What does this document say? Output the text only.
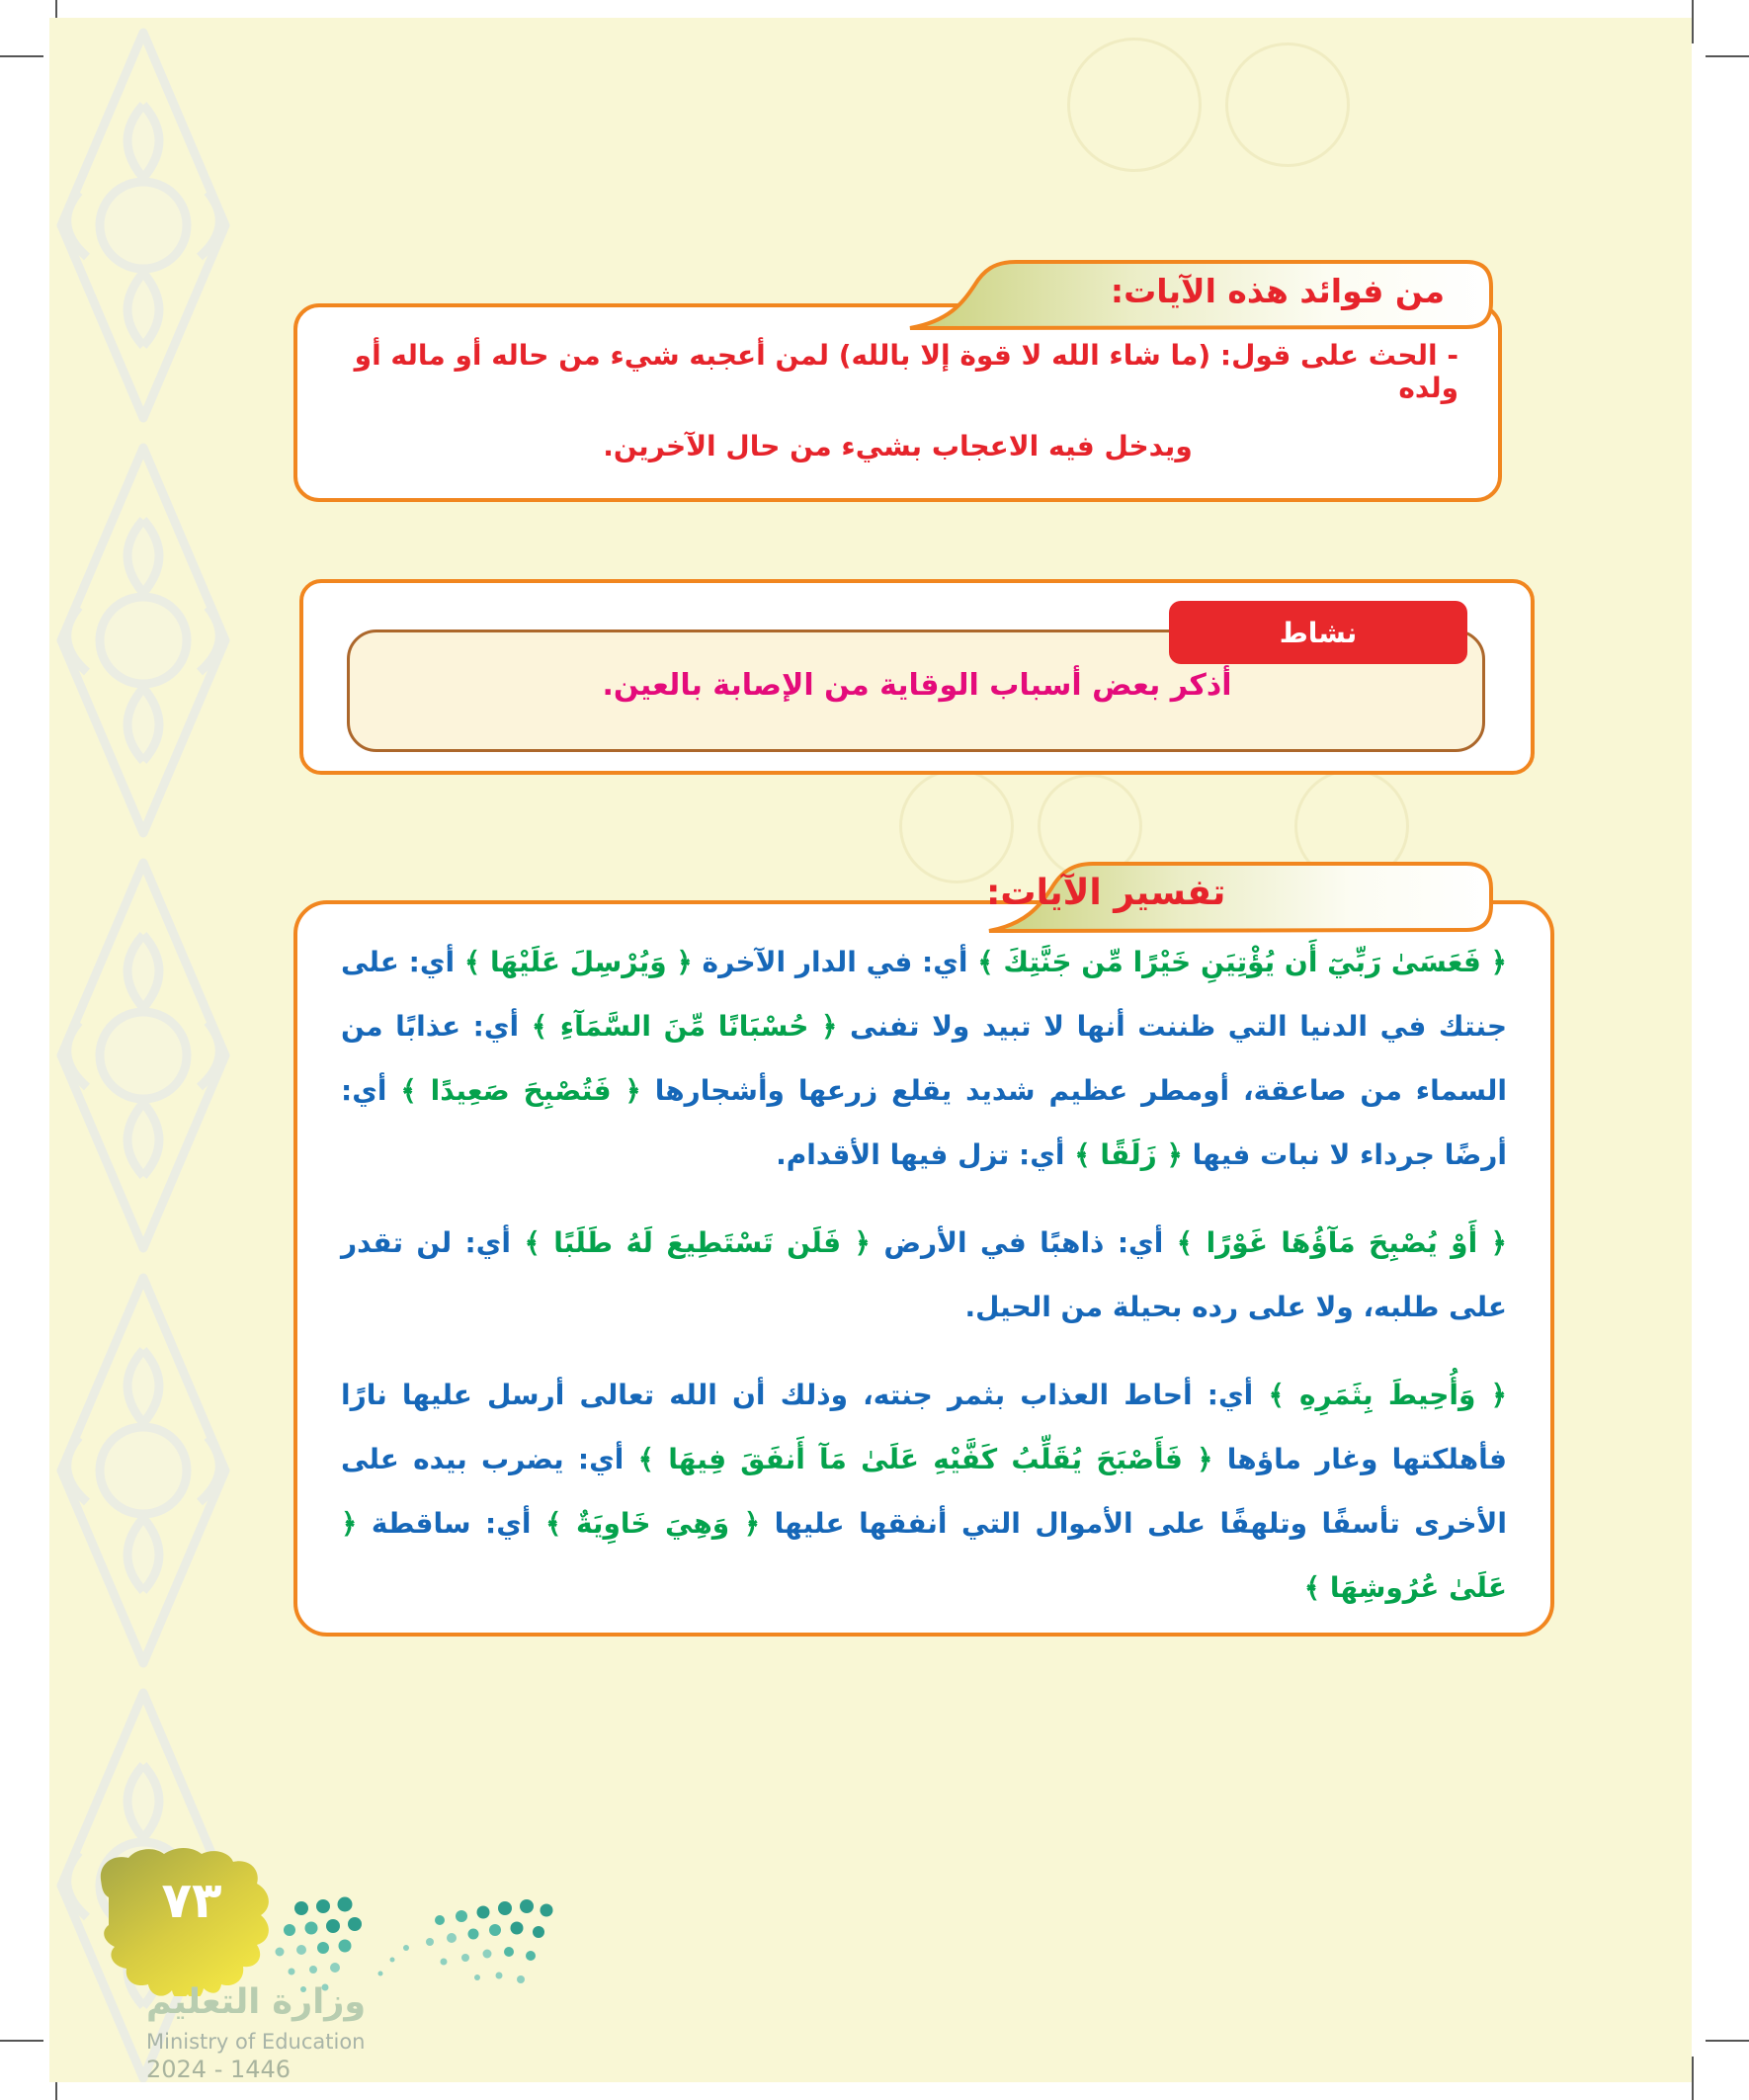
- الحث على قول: (ما شاء الله لا قوة إلا بالله) لمن أعجبه شيء من حاله أو ماله أو ولده
ويدخل فيه الاعجاب بشيء من حال الآخرين.
من فوائد هذه الآيات:
نشاط
أذكر بعض أسباب الوقاية من الإصابة بالعين.

﴿ فَعَسَىٰ رَبِّيٓ أَن يُؤْتِيَنِ خَيْرًا مِّن جَنَّتِكَ ﴾ أي: في الدار الآخرة ﴿ وَيُرْسِلَ عَلَيْهَا ﴾ أي: على جنتك في الدنيا التي ظننت أنها لا تبيد ولا تفنى ﴿ حُسْبَانًا مِّنَ السَّمَآءِ ﴾ أي: عذابًا من السماء من صاعقة، أومطر عظيم شديد يقلع زرعها وأشجارها ﴿ فَتُصْبِحَ صَعِيدًا ﴾ أي: أرضًا جرداء لا نبات فيها ﴿ زَلَقًا ﴾ أي: تزل فيها الأقدام.

﴿ أَوْ يُصْبِحَ مَآؤُهَا غَوْرًا ﴾ أي: ذاهبًا في الأرض ﴿ فَلَن تَسْتَطِيعَ لَهُ طَلَبًا ﴾ أي: لن تقدر على طلبه، ولا على رده بحيلة من الحيل.

﴿ وَأُحِيطَ بِثَمَرِهِ ﴾ أي: أحاط العذاب بثمر جنته، وذلك أن الله تعالى أرسل عليها نارًا فأهلكتها وغار ماؤها ﴿ فَأَصْبَحَ يُقَلِّبُ كَفَّيْهِ عَلَىٰ مَآ أَنفَقَ فِيهَا ﴾ أي: يضرب بيده على الأخرى تأسفًا وتلهفًا على الأموال التي أنفقها عليها ﴿ وَهِيَ خَاوِيَةٌ ﴾ أي: ساقطة ﴿ عَلَىٰ عُرُوشِهَا ﴾

تفسير الآيات:
٧٣
وزارة التعليم
Ministry of Education
2024 - 1446
